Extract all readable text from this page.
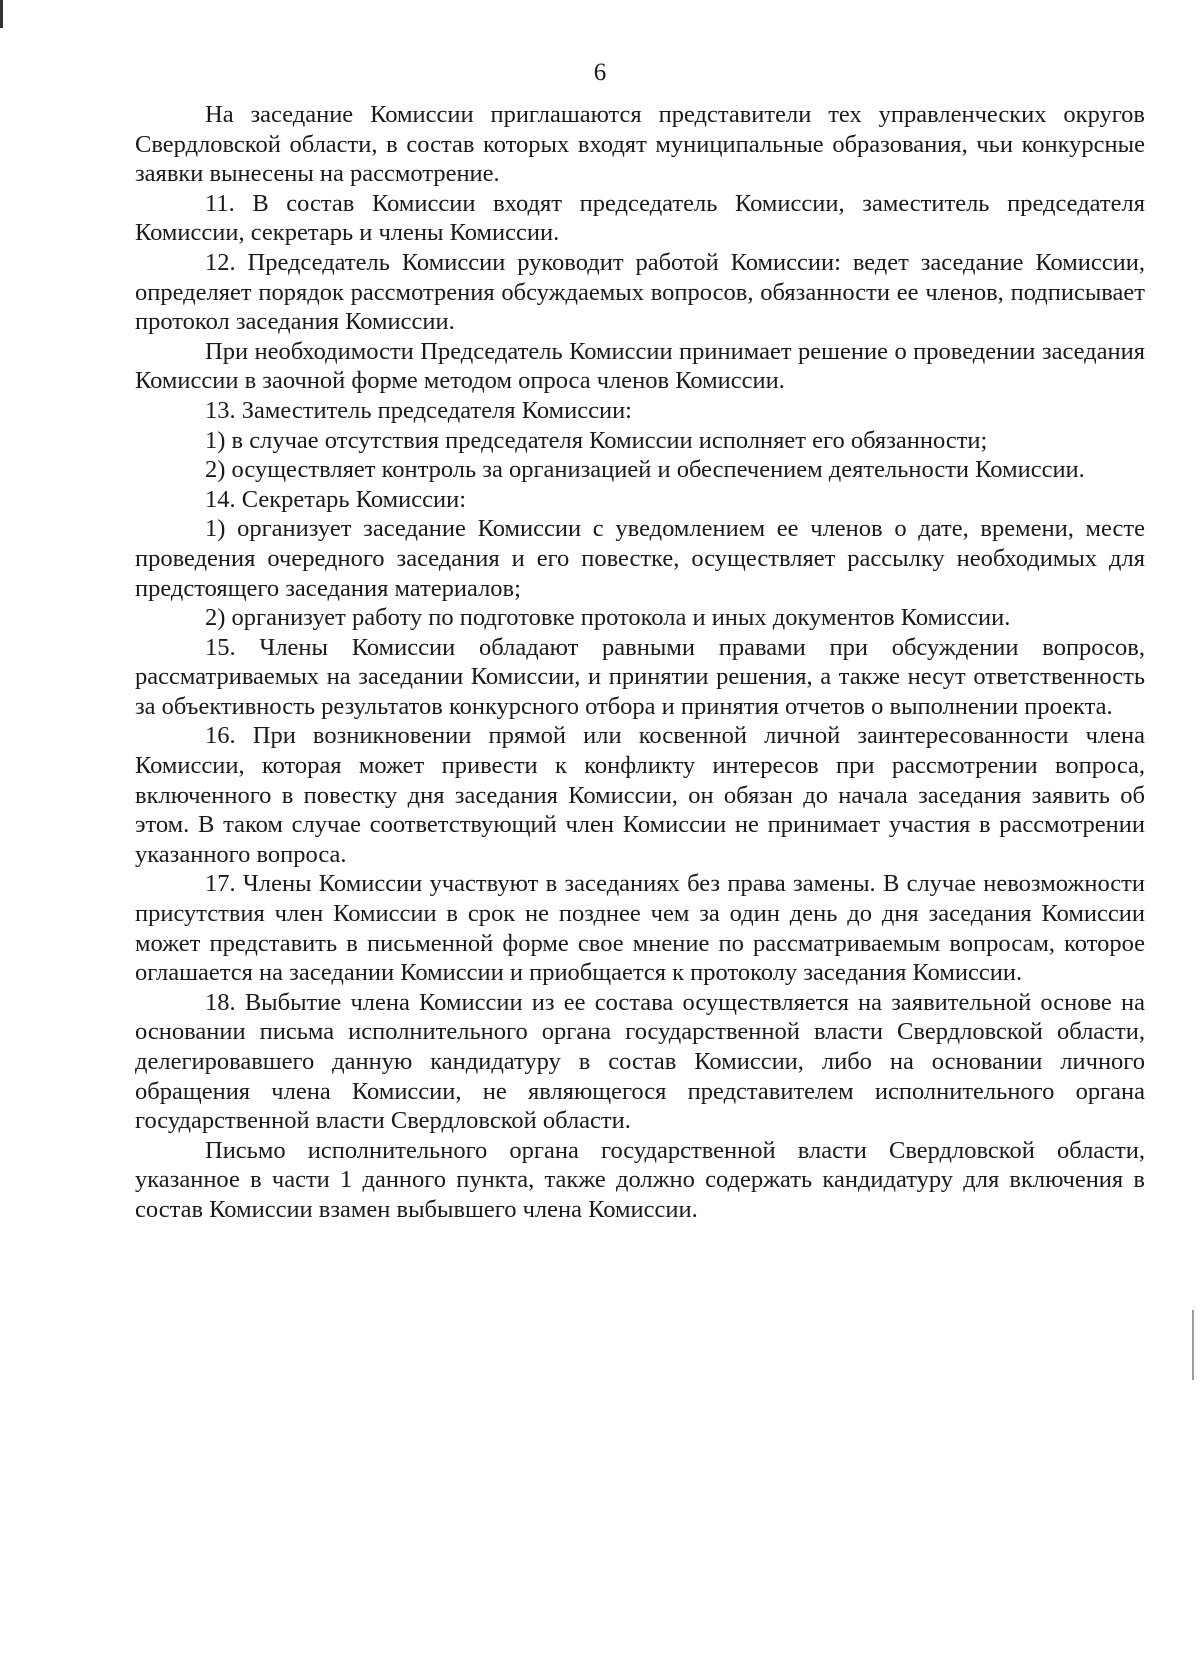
6

На заседание Комиссии приглашаются представители тех управленческих округов Свердловской области, в состав которых входят муниципальные образования, чьи конкурсные заявки вынесены на рассмотрение.

11. В состав Комиссии входят председатель Комиссии, заместитель председателя Комиссии, секретарь и члены Комиссии.

12. Председатель Комиссии руководит работой Комиссии: ведет заседание Комиссии, определяет порядок рассмотрения обсуждаемых вопросов, обязанности ее членов, подписывает протокол заседания Комиссии.

При необходимости Председатель Комиссии принимает решение о проведении заседания Комиссии в заочной форме методом опроса членов Комиссии.

13. Заместитель председателя Комиссии:

1) в случае отсутствия председателя Комиссии исполняет его обязанности;

2) осуществляет контроль за организацией и обеспечением деятельности Комиссии.

14. Секретарь Комиссии:

1) организует заседание Комиссии с уведомлением ее членов о дате, времени, месте проведения очередного заседания и его повестке, осуществляет рассылку необходимых для предстоящего заседания материалов;

2) организует работу по подготовке протокола и иных документов Комиссии.

15. Члены Комиссии обладают равными правами при обсуждении вопросов, рассматриваемых на заседании Комиссии, и принятии решения, а также несут ответственность за объективность результатов конкурсного отбора и принятия отчетов о выполнении проекта.

16. При возникновении прямой или косвенной личной заинтересованности члена Комиссии, которая может привести к конфликту интересов при рассмотрении вопроса, включенного в повестку дня заседания Комиссии, он обязан до начала заседания заявить об этом. В таком случае соответствующий член Комиссии не принимает участия в рассмотрении указанного вопроса.

17. Члены Комиссии участвуют в заседаниях без права замены. В случае невозможности присутствия член Комиссии в срок не позднее чем за один день до дня заседания Комиссии может представить в письменной форме свое мнение по рассматриваемым вопросам, которое оглашается на заседании Комиссии и приобщается к протоколу заседания Комиссии.

18. Выбытие члена Комиссии из ее состава осуществляется на заявительной основе на основании письма исполнительного органа государственной власти Свердловской области, делегировавшего данную кандидатуру в состав Комиссии, либо на основании личного обращения члена Комиссии, не являющегося представителем исполнительного органа государственной власти Свердловской области.

Письмо исполнительного органа государственной власти Свердловской области, указанное в части 1 данного пункта, также должно содержать кандидатуру для включения в состав Комиссии взамен выбывшего члена Комиссии.
